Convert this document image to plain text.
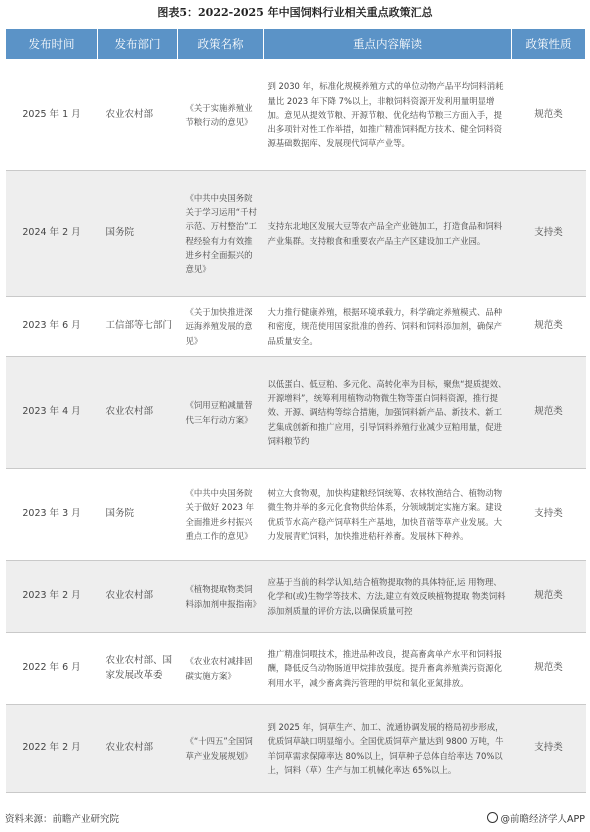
图表5：2022-2025 年中国饲料行业相关重点政策汇总
发布时间	发布部门	政策名称	重点内容解读	政策性质
2025 年 1 月	农业农村部	《关于实施养殖业节粮行动的意见》	到 2030 年，标准化规模养殖方式的单位动物产品平均饲料消耗量比 2023 年下降 7%以上，非粮饲料资源开发利用量明显增加。意见从提效节粮、开源节粮、优化结构节粮三方面入手，提出多项针对性工作举措，如推广精准饲料配方技术、健全饲料资源基础数据库、发展现代饲草产业等。	规范类
2024 年 2 月	国务院	《中共中央国务院关于学习运用“千村示范、万村整治”工程经验有力有效推进乡村全面振兴的意见》	支持东北地区发展大豆等农产品全产业链加工，打造食品和饲料产业集群。支持粮食和重要农产品主产区建设加工产业园。	支持类
2023 年 6 月	工信部等七部门	《关于加快推进深远海养殖发展的意见》	大力推行健康养殖，根据环境承载力，科学确定养殖模式、品种和密度，规范使用国家批准的兽药、饲料和饲料添加剂，确保产品质量安全。	规范类
2023 年 4 月	农业农村部	《饲用豆粕减量替代三年行动方案》	以低蛋白、低豆粕、多元化、高转化率为目标，聚焦“提质提效、开源增料”，统筹利用植物动物微生物等蛋白饲料资源，推行提效、开源、调结构等综合措施，加强饲料新产品、新技术、新工艺集成创新和推广应用，引导饲料养殖行业减少豆粕用量，促进饲料粮节约	规范类
2023 年 3 月	国务院	《中共中央国务院关于做好 2023 年全面推进乡村振兴重点工作的意见》	树立大食物观，加快构建粮经饲统筹、农林牧渔结合、植物动物微生物并举的多元化食物供给体系，分领域制定实施方案。建设优质节水高产稳产饲草料生产基地，加快苜蓿等草产业发展。大力发展青贮饲料，加快推进秸秆养畜。发展林下种养。	支持类
2023 年 2 月	农业农村部	《植物提取物类饲料添加剂申报指南》	应基于当前的科学认知,结合植物提取物的具体特征,运 用物理、化学和(或)生物学等技术、方法,建立有效反映植物提取 物类饲料添加剂质量的评价方法,以确保质量可控	规范类
2022 年 6 月	农业农村部、国家发展改革委	《农业农村减排固碳实施方案》	推广精准饲喂技术，推进品种改良，提高畜禽单产水平和饲料报酬，降低反刍动物肠道甲烷排放强度。提升畜禽养殖粪污资源化利用水平，减少畜禽粪污管理的甲烷和氧化亚氮排放。	规范类
2022 年 2 月	农业农村部	《“十四五”全国饲草产业发展规划》	到 2025 年，饲草生产、加工、流通协调发展的格局初步形成，优质饲草缺口明显缩小。全国优质饲草产量达到 9800 万吨，牛羊饲草需求保障率达 80%以上，饲草种子总体自给率达 70%以上，饲料（草）生产与加工机械化率达 65%以上。	支持类
资料来源：前瞻产业研究院	@前瞻经济学人APP
